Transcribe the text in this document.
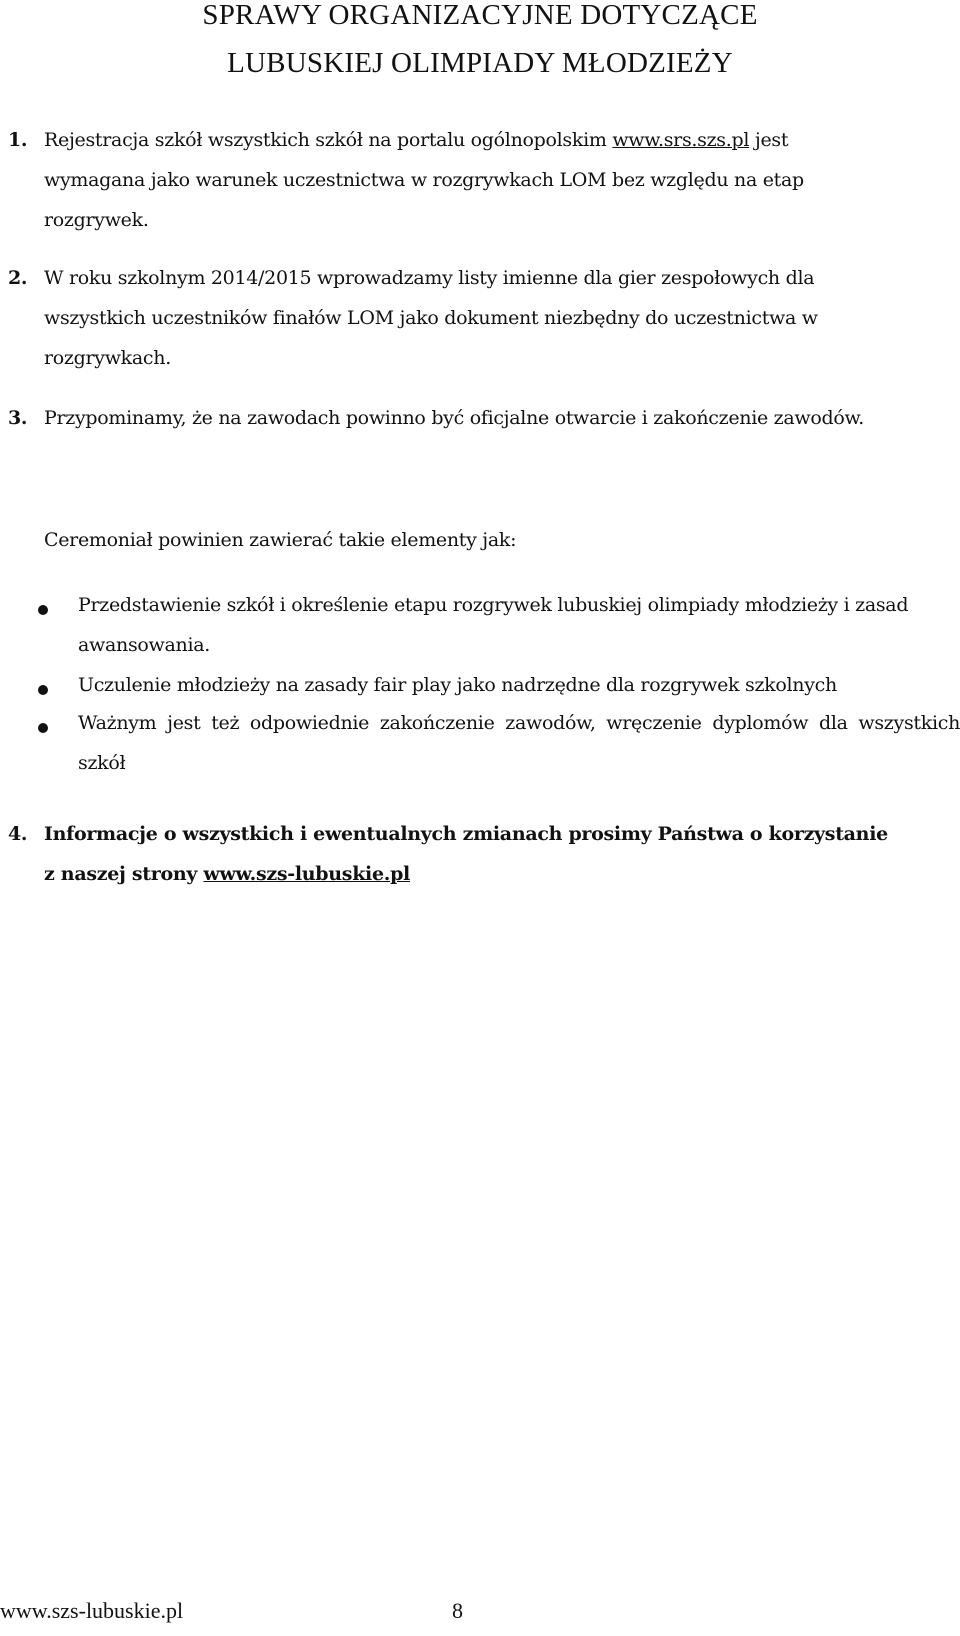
SPRAWY ORGANIZACYJNE DOTYCZĄCE
LUBUSKIEJ OLIMPIADY MŁODZIEŻY
1. Rejestracja szkół wszystkich szkół na portalu ogólnopolskim www.srs.szs.pl jest wymagana jako warunek uczestnictwa w rozgrywkach LOM bez względu na etap rozgrywek.
2. W roku szkolnym 2014/2015 wprowadzamy listy imienne dla gier zespołowych dla wszystkich uczestników finałów LOM jako dokument niezbędny do uczestnictwa w rozgrywkach.
3. Przypominamy, że na zawodach powinno być oficjalne otwarcie i zakończenie zawodów.
Ceremoniał powinien zawierać takie elementy jak:
Przedstawienie szkół i określenie etapu rozgrywek lubuskiej olimpiady młodzieży i zasad awansowania.
Uczulenie młodzieży na zasady fair play jako nadrzędne dla rozgrywek szkolnych
Ważnym jest też odpowiednie zakończenie zawodów, wręczenie dyplomów dla wszystkich szkół
4. Informacje o wszystkich i ewentualnych zmianach prosimy Państwa o korzystanie z naszej strony www.szs-lubuskie.pl
www.szs-lubuskie.pl	8
